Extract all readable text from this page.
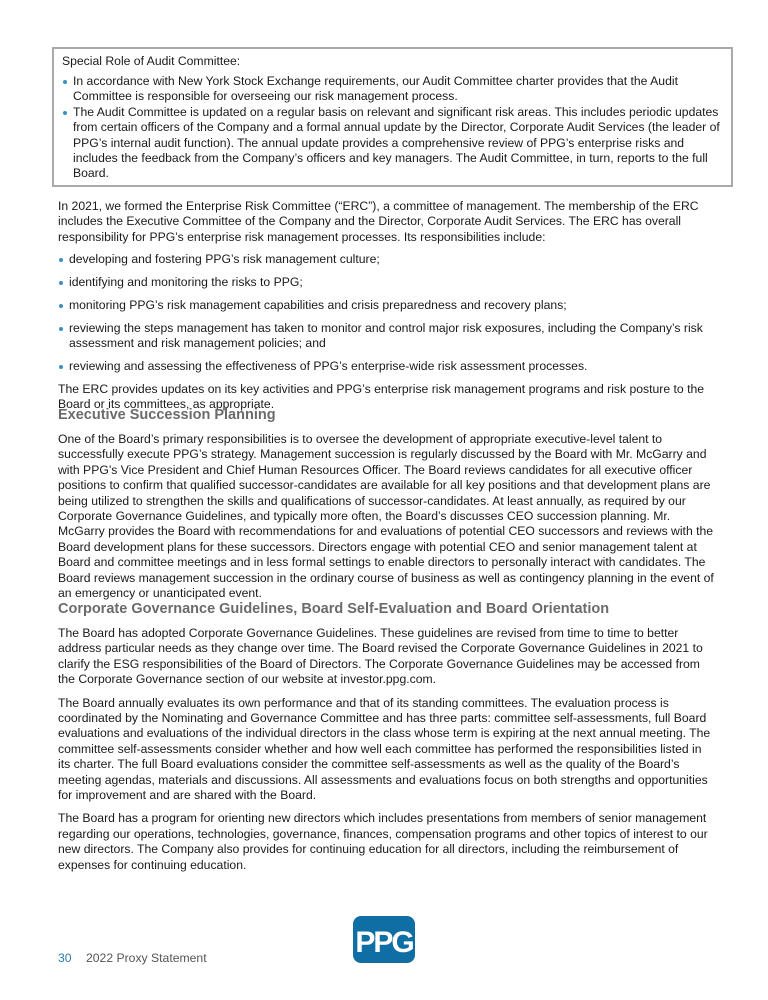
Special Role of Audit Committee:

In accordance with New York Stock Exchange requirements, our Audit Committee charter provides that the Audit Committee is responsible for overseeing our risk management process.
The Audit Committee is updated on a regular basis on relevant and significant risk areas. This includes periodic updates from certain officers of the Company and a formal annual update by the Director, Corporate Audit Services (the leader of PPG’s internal audit function). The annual update provides a comprehensive review of PPG’s enterprise risks and includes the feedback from the Company’s officers and key managers. The Audit Committee, in turn, reports to the full Board.

In 2021, we formed the Enterprise Risk Committee (“ERC”), a committee of management. The membership of the ERC includes the Executive Committee of the Company and the Director, Corporate Audit Services. The ERC has overall responsibility for PPG’s enterprise risk management processes. Its responsibilities include:

developing and fostering PPG’s risk management culture;
identifying and monitoring the risks to PPG;
monitoring PPG’s risk management capabilities and crisis preparedness and recovery plans;
reviewing the steps management has taken to monitor and control major risk exposures, including the Company’s risk assessment and risk management policies; and
reviewing and assessing the effectiveness of PPG’s enterprise-wide risk assessment processes.

The ERC provides updates on its key activities and PPG’s enterprise risk management programs and risk posture to the Board or its committees, as appropriate.

Executive Succession Planning

One of the Board’s primary responsibilities is to oversee the development of appropriate executive-level talent to successfully execute PPG’s strategy. Management succession is regularly discussed by the Board with Mr. McGarry and with PPG’s Vice President and Chief Human Resources Officer. The Board reviews candidates for all executive officer positions to confirm that qualified successor-candidates are available for all key positions and that development plans are being utilized to strengthen the skills and qualifications of successor-candidates. At least annually, as required by our Corporate Governance Guidelines, and typically more often, the Board’s discusses CEO succession planning. Mr. McGarry provides the Board with recommendations for and evaluations of potential CEO successors and reviews with the Board development plans for these successors. Directors engage with potential CEO and senior management talent at Board and committee meetings and in less formal settings to enable directors to personally interact with candidates. The Board reviews management succession in the ordinary course of business as well as contingency planning in the event of an emergency or unanticipated event.

Corporate Governance Guidelines, Board Self-Evaluation and Board Orientation

The Board has adopted Corporate Governance Guidelines. These guidelines are revised from time to time to better address particular needs as they change over time. The Board revised the Corporate Governance Guidelines in 2021 to clarify the ESG responsibilities of the Board of Directors. The Corporate Governance Guidelines may be accessed from the Corporate Governance section of our website at investor.ppg.com.

The Board annually evaluates its own performance and that of its standing committees. The evaluation process is coordinated by the Nominating and Governance Committee and has three parts: committee self-assessments, full Board evaluations and evaluations of the individual directors in the class whose term is expiring at the next annual meeting. The committee self-assessments consider whether and how well each committee has performed the responsibilities listed in its charter. The full Board evaluations consider the committee self-assessments as well as the quality of the Board’s meeting agendas, materials and discussions. All assessments and evaluations focus on both strengths and opportunities for improvement and are shared with the Board.

The Board has a program for orienting new directors which includes presentations from members of senior management regarding our operations, technologies, governance, finances, compensation programs and other topics of interest to our new directors. The Company also provides for continuing education for all directors, including the reimbursement of expenses for continuing education.

PPG
30 2022 Proxy Statement
